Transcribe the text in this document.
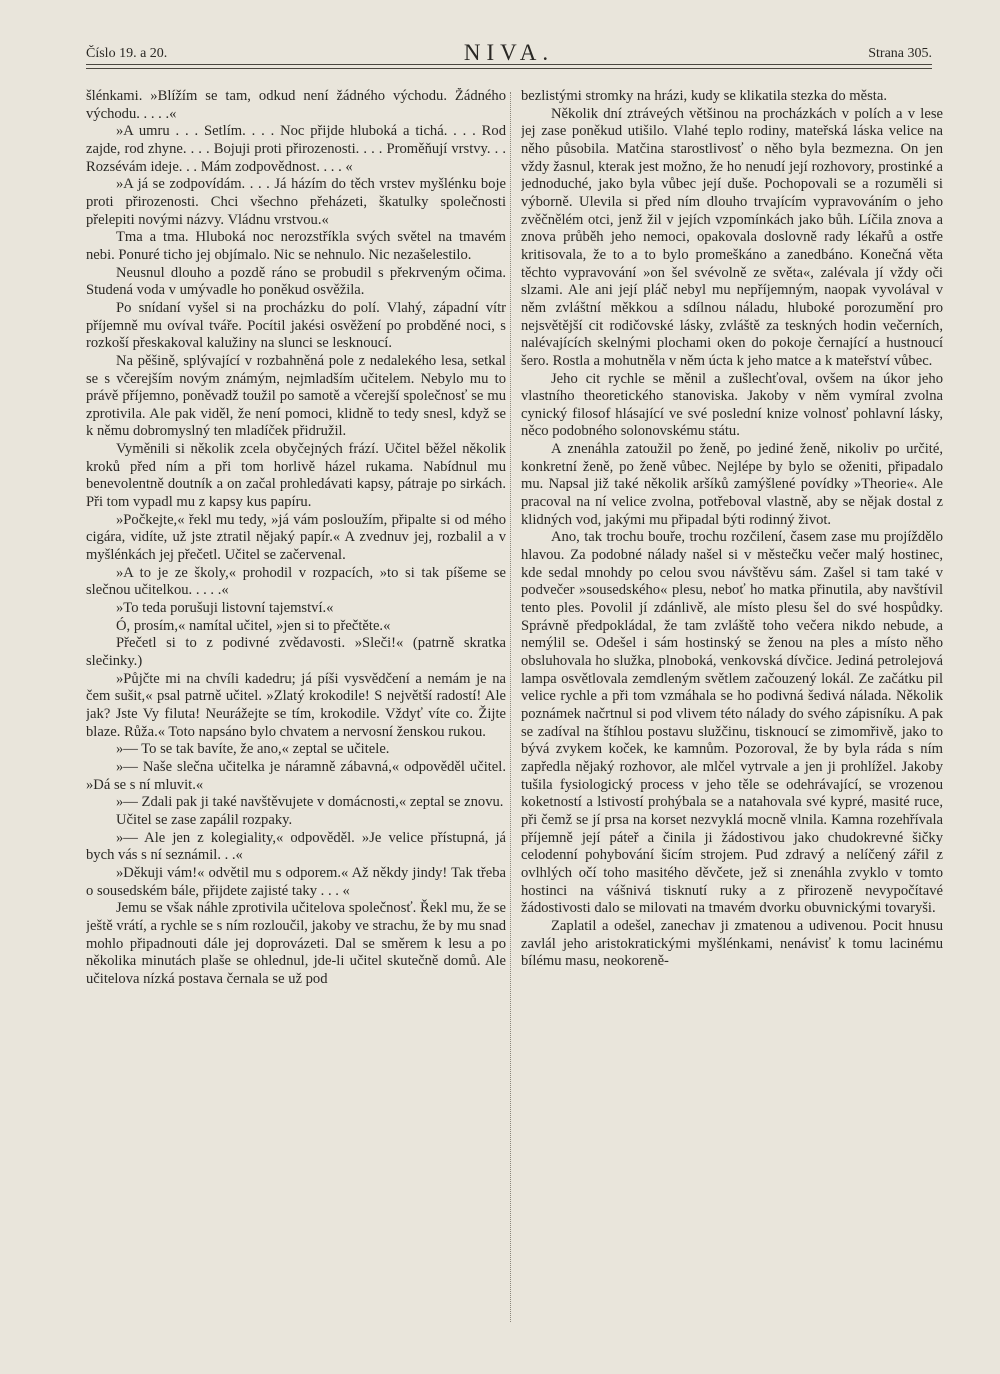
Číslo 19. a 20.	NIVA.	Strana 305.

šlénkami. »Blížím se tam, odkud není žádného východu. Žádného východu. . . . .«

»A umru . . . Setlím. . . . Noc přijde hluboká a tichá. . . . Rod zajde, rod zhyne. . . . Bojuji proti přirozenosti. . . . Proměňují vrstvy. . . Rozsévám ideje. . . Mám zodpovědnost. . . . «

»A já se zodpovídám. . . . Já házím do těch vrstev myšlénku boje proti přirozenosti. Chci všechno přeházeti, škatulky společnosti přelepiti novými názvy. Vládnu vrstvou.«

Tma a tma. Hluboká noc nerozstříkla svých světel na tmavém nebi. Ponuré ticho jej objímalo. Nic se nehnulo. Nic nezašelestilo.

Neusnul dlouho a pozdě ráno se probudil s překrveným očima. Studená voda v umývadle ho poněkud osvěžila.

Po snídaní vyšel si na procházku do polí. Vlahý, západní vítr příjemně mu ovíval tváře. Pocítil jakési osvěžení po probděné noci, s rozkoší přeskakoval kalužiny na slunci se lesknoucí.

Na pěšině, splývající v rozbahněná pole z nedalekého lesa, setkal se s včerejším novým známým, nejmladším učitelem. Nebylo mu to právě příjemno, poněvadž toužil po samotě a včerejší společnosť se mu zprotivila. Ale pak viděl, že není pomoci, klidně to tedy snesl, když se k němu dobromyslný ten mladíček přidružil.

Vyměnili si několik zcela obyčejných frází. Učitel běžel několik kroků před ním a při tom horlivě házel rukama. Nabídnul mu benevolentně doutník a on začal prohledávati kapsy, pátraje po sirkách. Při tom vypadl mu z kapsy kus papíru.

»Počkejte,« řekl mu tedy, »já vám posloužím, připalte si od mého cigára, vidíte, už jste ztratil nějaký papír.« A zvednuv jej, rozbalil a v myšlénkách jej přečetl. Učitel se začervenal.

»A to je ze školy,« prohodil v rozpacích, »to si tak píšeme se slečnou učitelkou. . . . .«

»To teda porušuji listovní tajemství.«

Ó, prosím,« namítal učitel, »jen si to přečtěte.«

Přečetl si to z podivné zvědavosti. »Sleči!« (patrně skratka slečinky.)

»Půjčte mi na chvíli kadedru; já píši vysvědčení a nemám je na čem sušit,« psal patrně učitel. »Zlatý krokodile! S největší radostí! Ale jak? Jste Vy filuta! Neurážejte se tím, krokodile. Vždyť víte co. Žijte blaze. Růža.« Toto napsáno bylo chvatem a nervosní ženskou rukou.

»— To se tak bavíte, že ano,« zeptal se učitele.

»— Naše slečna učitelka je náramně zábavná,« odpověděl učitel. »Dá se s ní mluvit.«

»— Zdali pak ji také navštěvujete v domácnosti,« zeptal se znovu.

Učitel se zase zapálil rozpaky.

»— Ale jen z kolegiality,« odpověděl. »Je velice přístupná, já bych vás s ní seznámil. . .«

»Děkuji vám!« odvětil mu s odporem.« Až někdy jindy! Tak třeba o sousedském bále, přijdete zajisté taky . . . «

Jemu se však náhle zprotivila učitelova společnosť. Řekl mu, že se ještě vrátí, a rychle se s ním rozloučil, jakoby ve strachu, že by mu snad mohlo připadnouti dále jej doprovázeti. Dal se směrem k lesu a po několika minutách plaše se ohlednul, jde-li učitel skutečně domů. Ale učitelova nízká postava černala se už pod

bezlistými stromky na hrázi, kudy se klikatila stezka do města.

Několik dní ztráveých většinou na procházkách v polích a v lese jej zase poněkud utišilo. Vlahé teplo rodiny, mateřská láska velice na něho působila. Matčina starostlivosť o něho byla bezmezna. On jen vždy žasnul, kterak jest možno, že ho nenudí její rozhovory, prostinké a jednoduché, jako byla vůbec její duše. Pochopovali se a rozuměli si výborně. Ulevila si před ním dlouho trvajícím vypravováním o jeho zvěčnělém otci, jenž žil v jejích vzpomínkách jako bůh. Líčila znova a znova průběh jeho nemoci, opakovala doslovně rady lékařů a ostře kritisovala, že to a to bylo promeškáno a zanedbáno. Konečná věta těchto vypravování »on šel svévolně ze světa«, zalévala jí vždy oči slzami. Ale ani její pláč nebyl mu nepříjemným, naopak vyvolával v něm zvláštní měkkou a sdílnou náladu, hluboké porozumění pro nejsvětější cit rodičovské lásky, zvláště za teskných hodin večerních, nalévajících skelnými plochami oken do pokoje černající a hustnoucí šero. Rostla a mohutněla v něm úcta k jeho matce a k mateřství vůbec.

Jeho cit rychle se měnil a zušlechťoval, ovšem na úkor jeho vlastního theoretického stanoviska. Jakoby v něm vymíral zvolna cynický filosof hlásající ve své poslední knize volnosť pohlavní lásky, něco podobného solonovskému státu.

A znenáhla zatoužil po ženě, po jediné ženě, nikoliv po určité, konkretní ženě, po ženě vůbec. Nejlépe by bylo se oženiti, připadalo mu. Napsal již také několik aršíků zamýšlené povídky »Theorie«. Ale pracoval na ní velice zvolna, potřeboval vlastně, aby se nějak dostal z klidných vod, jakými mu připadal býti rodinný život.

Ano, tak trochu bouře, trochu rozčilení, časem zase mu projíždělo hlavou. Za podobné nálady našel si v městečku večer malý hostinec, kde sedal mnohdy po celou svou návštěvu sám. Zašel si tam také v podvečer »sousedského« plesu, neboť ho matka přinutila, aby navštívil tento ples. Povolil jí zdánlivě, ale místo plesu šel do své hospůdky. Správně předpokládal, že tam zvláště toho večera nikdo nebude, a nemýlil se. Odešel i sám hostinský se ženou na ples a místo něho obsluhovala ho služka, plnoboká, venkovská dívčice. Jediná petrolejová lampa osvětlovala zemdleným světlem začouzený lokál. Ze začátku pil velice rychle a při tom vzmáhala se ho podivná šedivá nálada. Několik poznámek načrtnul si pod vlivem této nálady do svého zápisníku. A pak se zadíval na štíhlou postavu služčinu, tisknoucí se zimomřivě, jako to bývá zvykem koček, ke kamnům. Pozoroval, že by byla ráda s ním zapředla nějaký rozhovor, ale mlčel vytrvale a jen ji prohlížel. Jakoby tušila fysiologický process v jeho těle se odehrávající, se vrozenou koketností a lstivostí prohýbala se a natahovala své kypré, masité ruce, při čemž se jí prsa na korset nezvyklá mocně vlnila. Kamna rozehřívala příjemně její páteř a činila ji žádostivou jako chudokrevné šičky celodenní pohybování šicím strojem. Pud zdravý a nelíčený zářil z ovlhlých očí toho masitého děvčete, jež si znenáhla zvyklo v tomto hostinci na vášnivá tisknutí ruky a z přirozeně nevypočítavé žádostivosti dalo se milovati na tmavém dvorku obuvnickými tovaryši.

Zaplatil a odešel, zanechav ji zmatenou a udivenou. Pocit hnusu zavlál jeho aristokratickými myšlénkami, nenávisť k tomu lacinému bílému masu, neokoreně-
